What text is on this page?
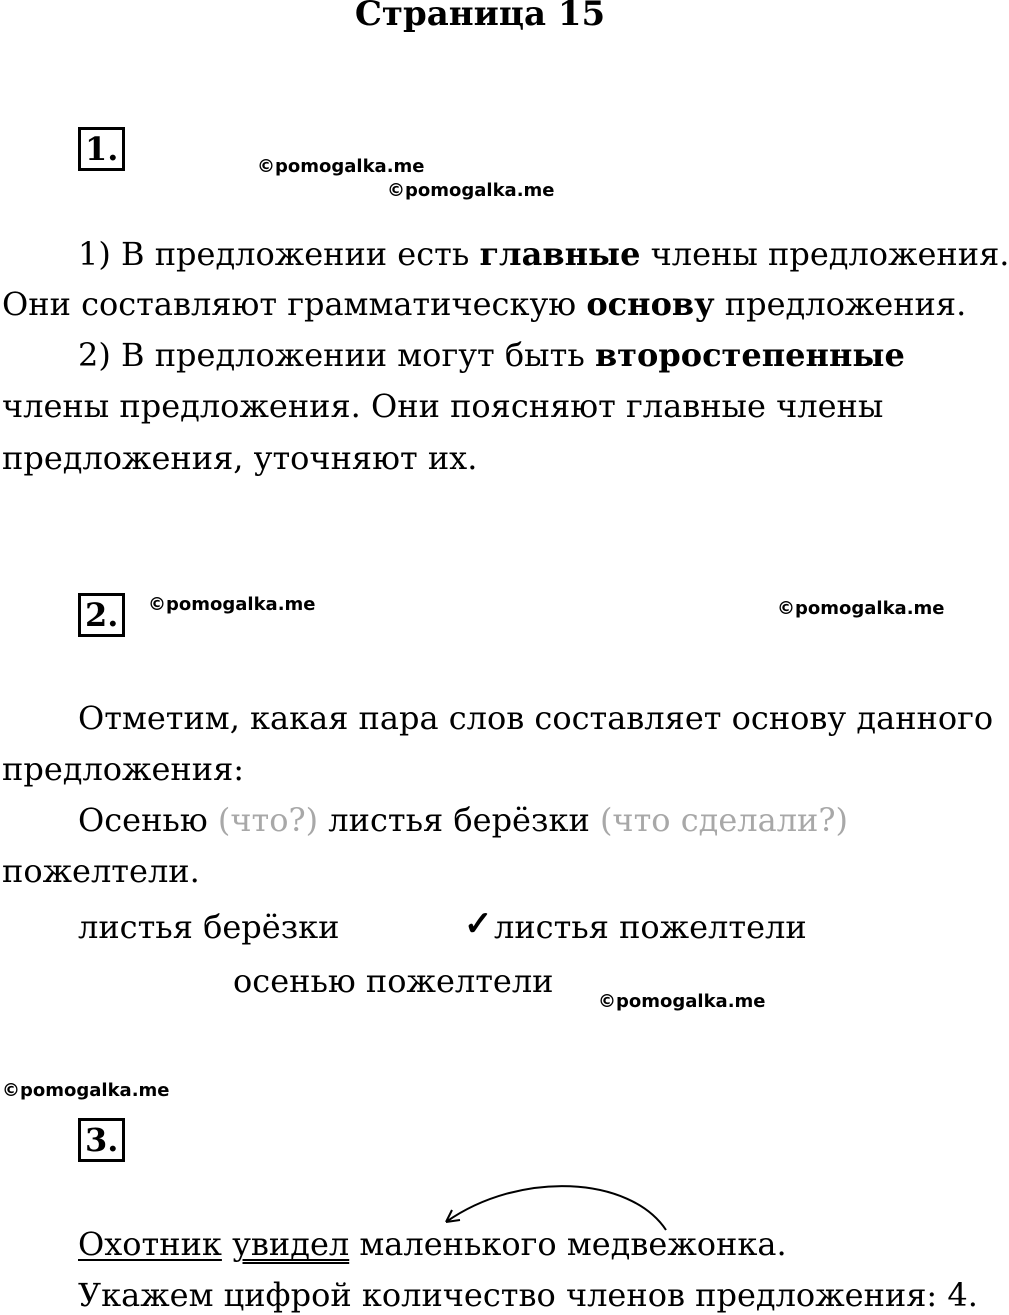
Страница 15
1.	©pomogalka.me
©pomogalka.me
1) В предложении есть главные члены предложения.
Они составляют грамматическую основу предложения.
2) В предложении могут быть второстепенные
члены предложения. Они поясняют главные члены
предложения, уточняют их.
2.	©pomogalka.me	©pomogalka.me
Отметим, какая пара слов составляет основу данного
предложения:
Осенью (что?) листья берёзки (что сделали?)
пожелтели.
листья берёзки	✓ листья пожелтели
осенью пожелтели
©pomogalka.me
©pomogalka.me
3.
Охотник увидел маленького медвежонка.
Укажем цифрой количество членов предложения: 4.
